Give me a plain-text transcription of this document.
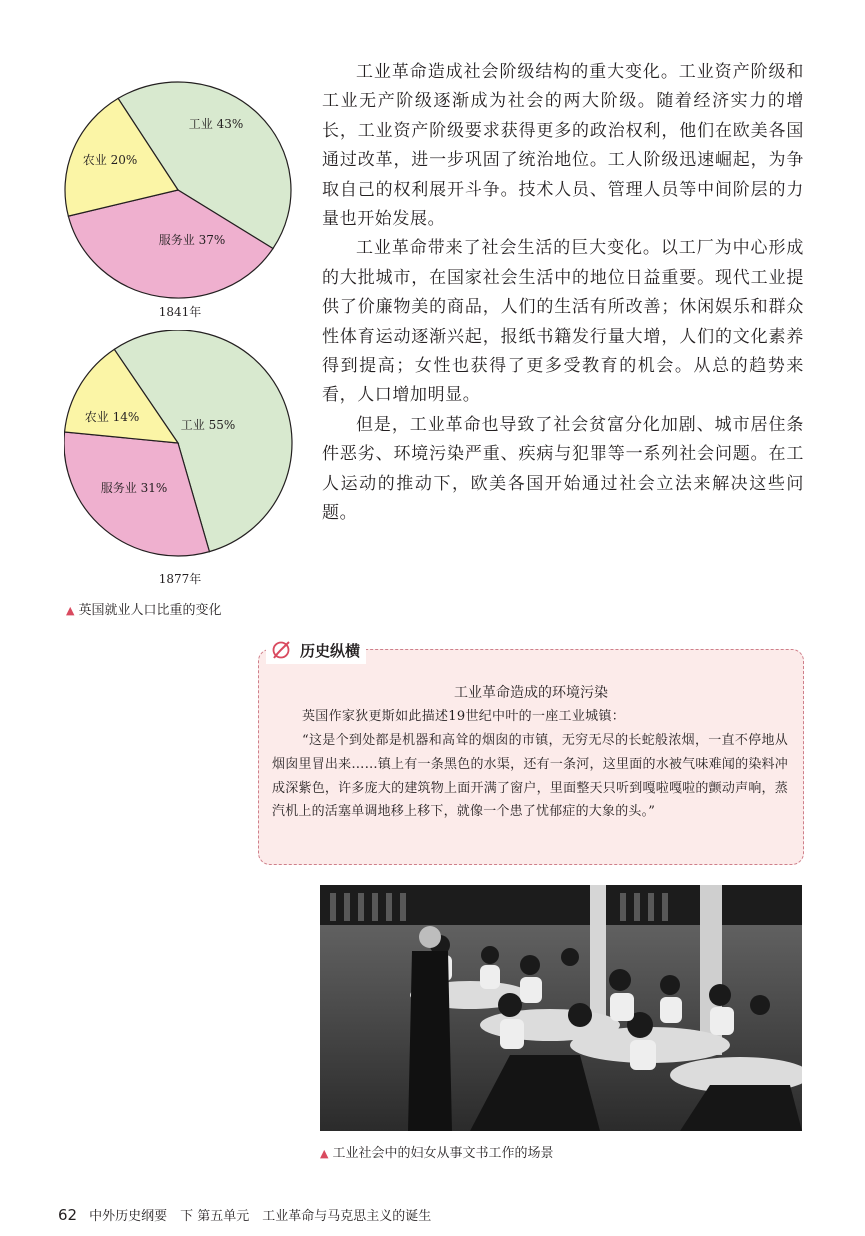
工业 43%
服务业 37%
农业 20%
1841年
工业 55%
服务业 31%
农业 14%
1877年
▲ 英国就业人口比重的变化

工业革命造成社会阶级结构的重大变化。工业资产阶级和工业无产阶级逐渐成为社会的两大阶级。随着经济实力的增长，工业资产阶级要求获得更多的政治权利，他们在欧美各国通过改革，进一步巩固了统治地位。工人阶级迅速崛起，为争取自己的权利展开斗争。技术人员、管理人员等中间阶层的力量也开始发展。

工业革命带来了社会生活的巨大变化。以工厂为中心形成的大批城市，在国家社会生活中的地位日益重要。现代工业提供了价廉物美的商品，人们的生活有所改善；休闲娱乐和群众性体育运动逐渐兴起，报纸书籍发行量大增，人们的文化素养得到提高；女性也获得了更多受教育的机会。从总的趋势来看，人口增加明显。

但是，工业革命也导致了社会贫富分化加剧、城市居住条件恶劣、环境污染严重、疾病与犯罪等一系列社会问题。在工人运动的推动下，欧美各国开始通过社会立法来解决这些问题。

历史纵横
工业革命造成的环境污染
英国作家狄更斯如此描述19世纪中叶的一座工业城镇：

“这是个到处都是机器和高耸的烟囱的市镇，无穷无尽的长蛇般浓烟，一直不停地从烟囱里冒出来……镇上有一条黑色的水渠，还有一条河，这里面的水被气味难闻的染料冲成深紫色，许多庞大的建筑物上面开满了窗户，里面整天只听到嘎啦嘎啦的颤动声响，蒸汽机上的活塞单调地移上移下，就像一个患了忧郁症的大象的头。”

▲ 工业社会中的妇女从事文书工作的场景
62 中外历史纲要　下 第五单元　工业革命与马克思主义的诞生
